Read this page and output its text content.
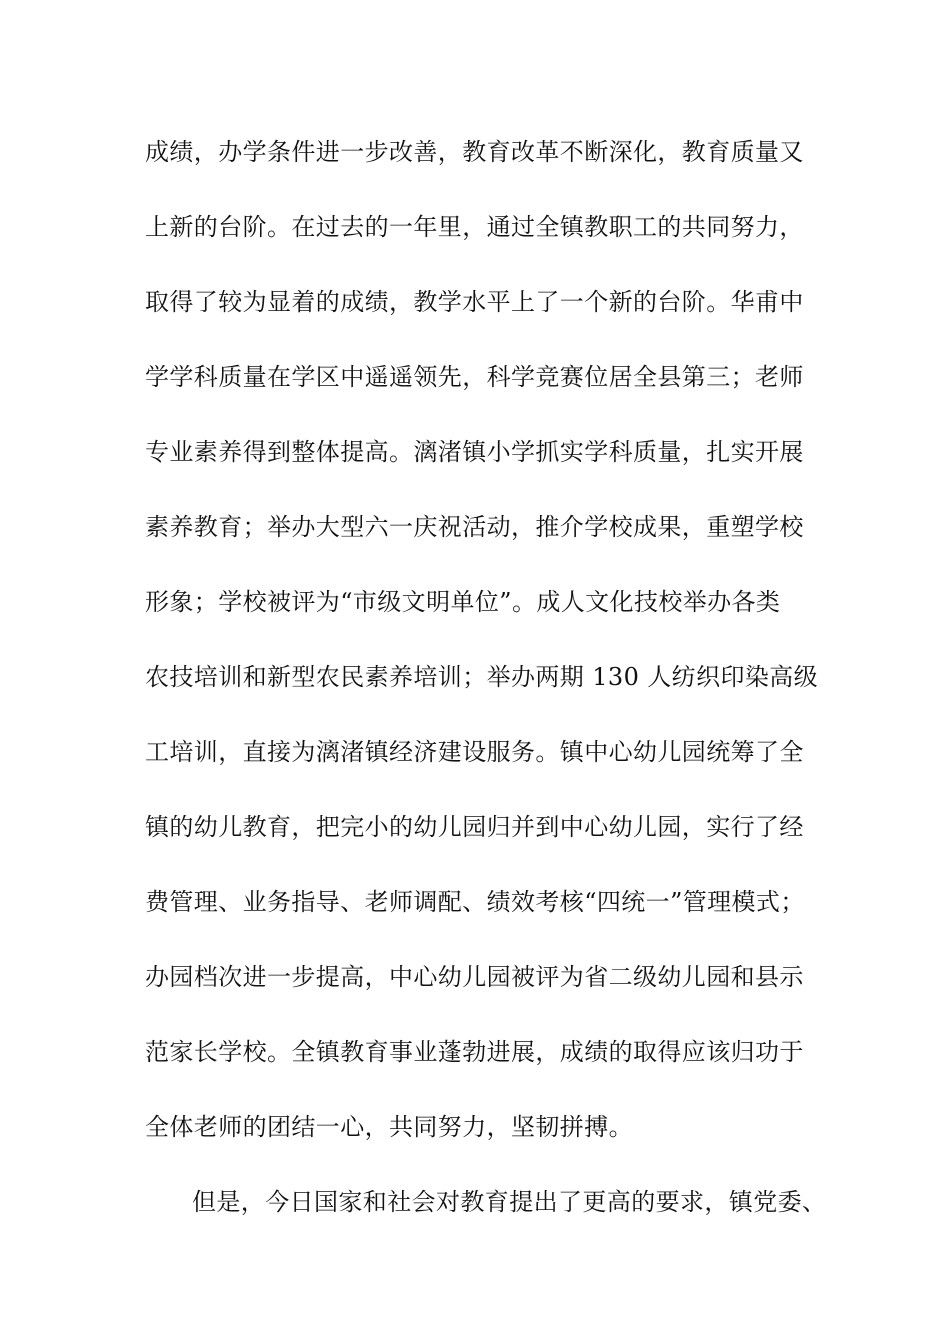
成绩，办学条件进一步改善，教育改革不断深化，教育质量又
上新的台阶。在过去的一年里，通过全镇教职工的共同努力，
取得了较为显着的成绩，教学水平上了一个新的台阶。华甫中
学学科质量在学区中遥遥领先，科学竞赛位居全县第三；老师
专业素养得到整体提高。漓渚镇小学抓实学科质量，扎实开展
素养教育；举办大型六一庆祝活动，推介学校成果，重塑学校
形象；学校被评为“市级文明单位”。成人文化技校举办各类
农技培训和新型农民素养培训；举办两期 130 人纺织印染高级
工培训，直接为漓渚镇经济建设服务。镇中心幼儿园统筹了全
镇的幼儿教育，把完小的幼儿园归并到中心幼儿园，实行了经
费管理、业务指导、老师调配、绩效考核“四统一”管理模式；
办园档次进一步提高，中心幼儿园被评为省二级幼儿园和县示
范家长学校。全镇教育事业蓬勃进展，成绩的取得应该归功于
全体老师的团结一心，共同努力，坚韧拼搏。
但是，今日国家和社会对教育提出了更高的要求，镇党委、
